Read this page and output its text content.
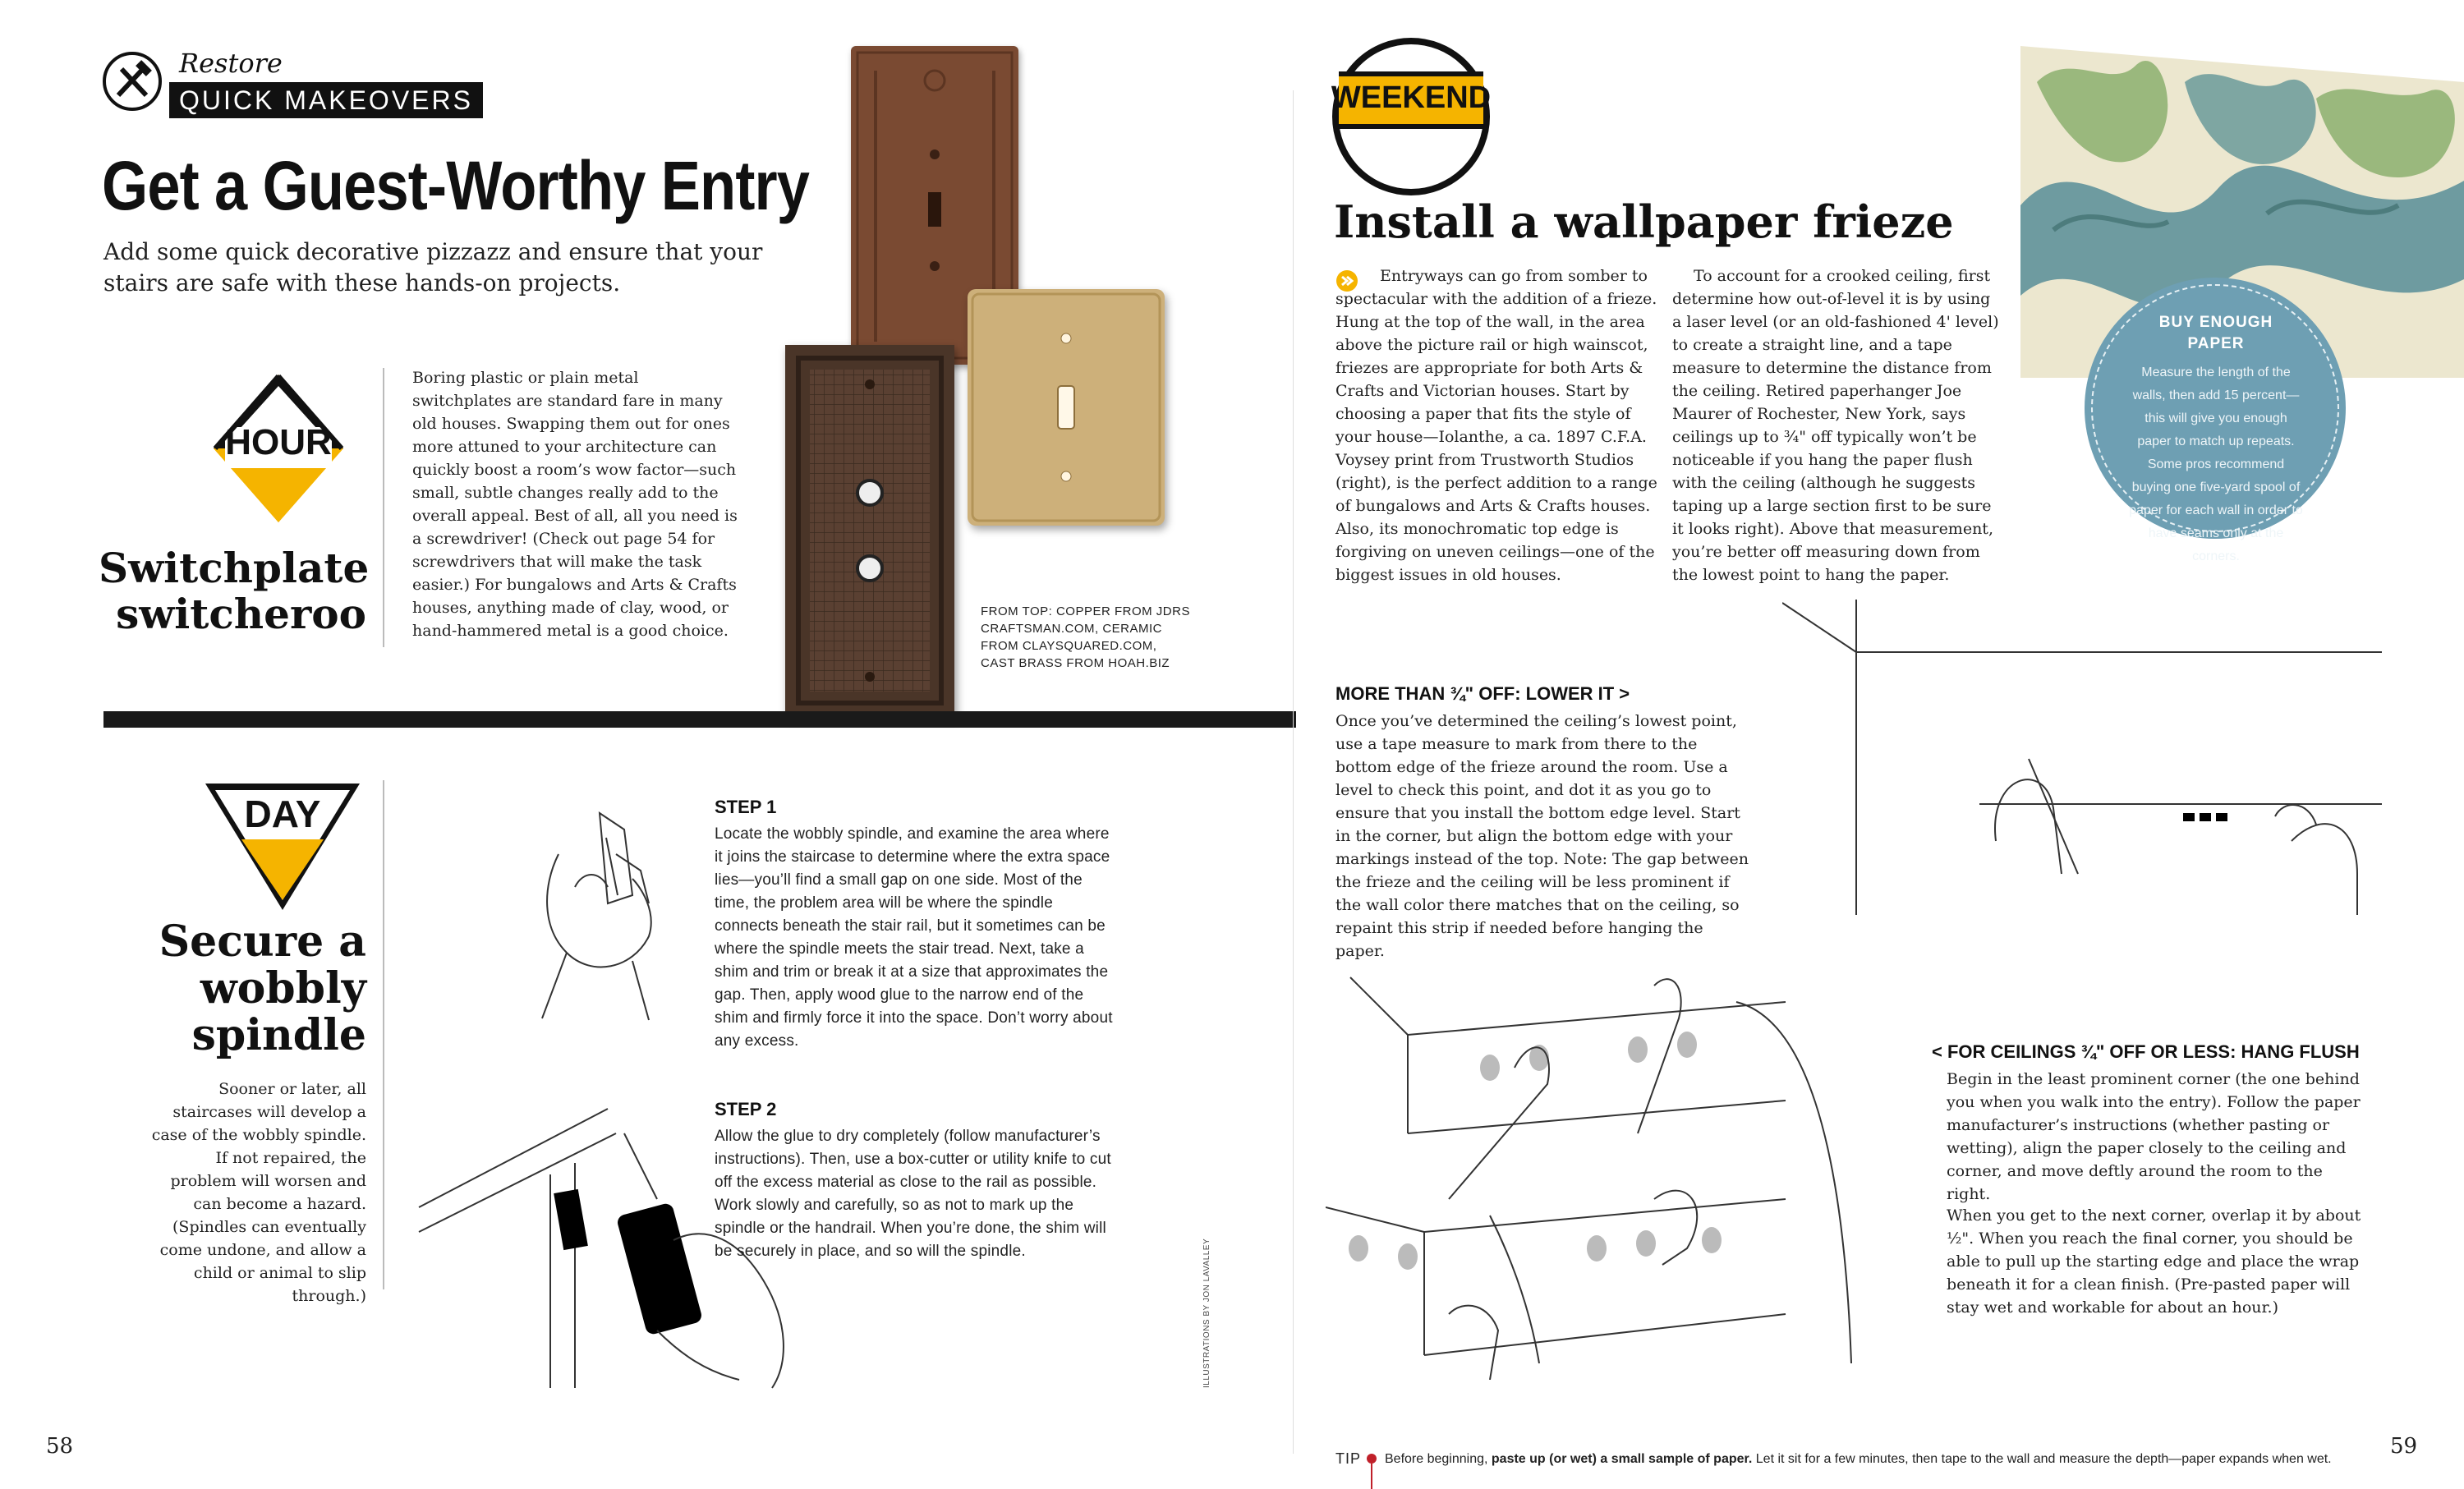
Restore
QUICK MAKEOVERS
Get a Guest-Worthy Entry
Add some quick decorative pizzazz and ensure that your stairs are safe with these hands-on projects.
FROM TOP: COPPER FROM JDRS CRAFTSMAN.COM, CERAMIC FROM CLAYSQUARED.COM, CAST BRASS FROM HOAH.BIZ
HOUR
Switchplate switcheroo
Boring plastic or plain metal switchplates are standard fare in many old houses. Swapping them out for ones more attuned to your architecture can quickly boost a room’s wow factor—such small, subtle changes really add to the overall appeal. Best of all, all you need is a screwdriver! (Check out page 54 for screwdrivers that will make the task easier.) For bungalows and Arts & Crafts houses, anything made of clay, wood, or hand-hammered metal is a good choice.
DAY
Secure a wobbly spindle
Sooner or later, all staircases will develop a case of the wobbly spindle. If not repaired, the problem will worsen and can become a hazard. (Spindles can eventually come undone, and allow a child or animal to slip through.)
STEP 1
Locate the wobbly spindle, and examine the area where it joins the staircase to determine where the extra space lies—you’ll find a small gap on one side. Most of the time, the problem area will be where the spindle connects beneath the stair rail, but it sometimes can be where the spindle meets the stair tread. Next, take a shim and trim or break it at a size that approximates the gap. Then, apply wood glue to the narrow end of the shim and firmly force it into the space. Don’t worry about any excess.
STEP 2
Allow the glue to dry completely (follow manufacturer’s instructions). Then, use a box-cutter or utility knife to cut off the excess material as close to the rail as possible. Work slowly and carefully, so as not to mark up the spindle or the handrail. When you’re done, the shim will be securely in place, and so will the spindle.	ILLUSTRATIONS BY JON LAVALLEY
58
WEEKEND
Install a wallpaper frieze
Entryways can go from somber to spectacular with the addition of a frieze. Hung at the top of the wall, in the area above the picture rail or high wainscot, friezes are appropriate for both Arts & Crafts and Victorian houses. Start by choosing a paper that fits the style of your house—Iolanthe, a ca. 1897 C.F.A. Voysey print from Trustworth Studios (right), is the perfect addition to a range of bungalows and Arts & Crafts houses. Also, its monochromatic top edge is forgiving on uneven ceilings—one of the biggest issues in old houses.
To account for a crooked ceiling, first determine how out-of-level it is by using a laser level (or an old-fashioned 4' level) to create a straight line, and a tape measure to determine the distance from the ceiling. Retired paperhanger Joe Maurer of Rochester, New York, says ceilings up to ¾" off typically won’t be noticeable if you hang the paper flush with the ceiling (although he suggests taping up a large section first to be sure it looks right). Above that measurement, you’re better off measuring down from the lowest point to hang the paper.
BUY ENOUGH PAPER
Measure the length of the walls, then add 15 percent—this will give you enough paper to match up repeats. Some pros recommend buying one five-yard spool of paper for each wall in order to have seams only at the corners.
MORE THAN ¾" OFF: LOWER IT >
Once you’ve determined the ceiling’s lowest point, use a tape measure to mark from there to the bottom edge of the frieze around the room. Use a level to check this point, and dot it as you go to ensure that you install the bottom edge level. Start in the corner, but align the bottom edge with your markings instead of the top. Note: The gap between the frieze and the ceiling will be less prominent if the wall color there matches that on the ceiling, so repaint this strip if needed before hanging the paper.
< FOR CEILINGS ¾" OFF OR LESS: HANG FLUSH
Begin in the least prominent corner (the one behind you when you walk into the entry). Follow the paper manufacturer’s instructions (whether pasting or wetting), align the paper closely to the ceiling and corner, and move deftly around the room to the right.
When you get to the next corner, overlap it by about ½". When you reach the final corner, you should be able to pull up the starting edge and place the wrap beneath it for a clean finish. (Pre-pasted paper will stay wet and workable for about an hour.)
TIP Before beginning, paste up (or wet) a small sample of paper. Let it sit for a few minutes, then tape to the wall and measure the depth—paper expands when wet.
59
